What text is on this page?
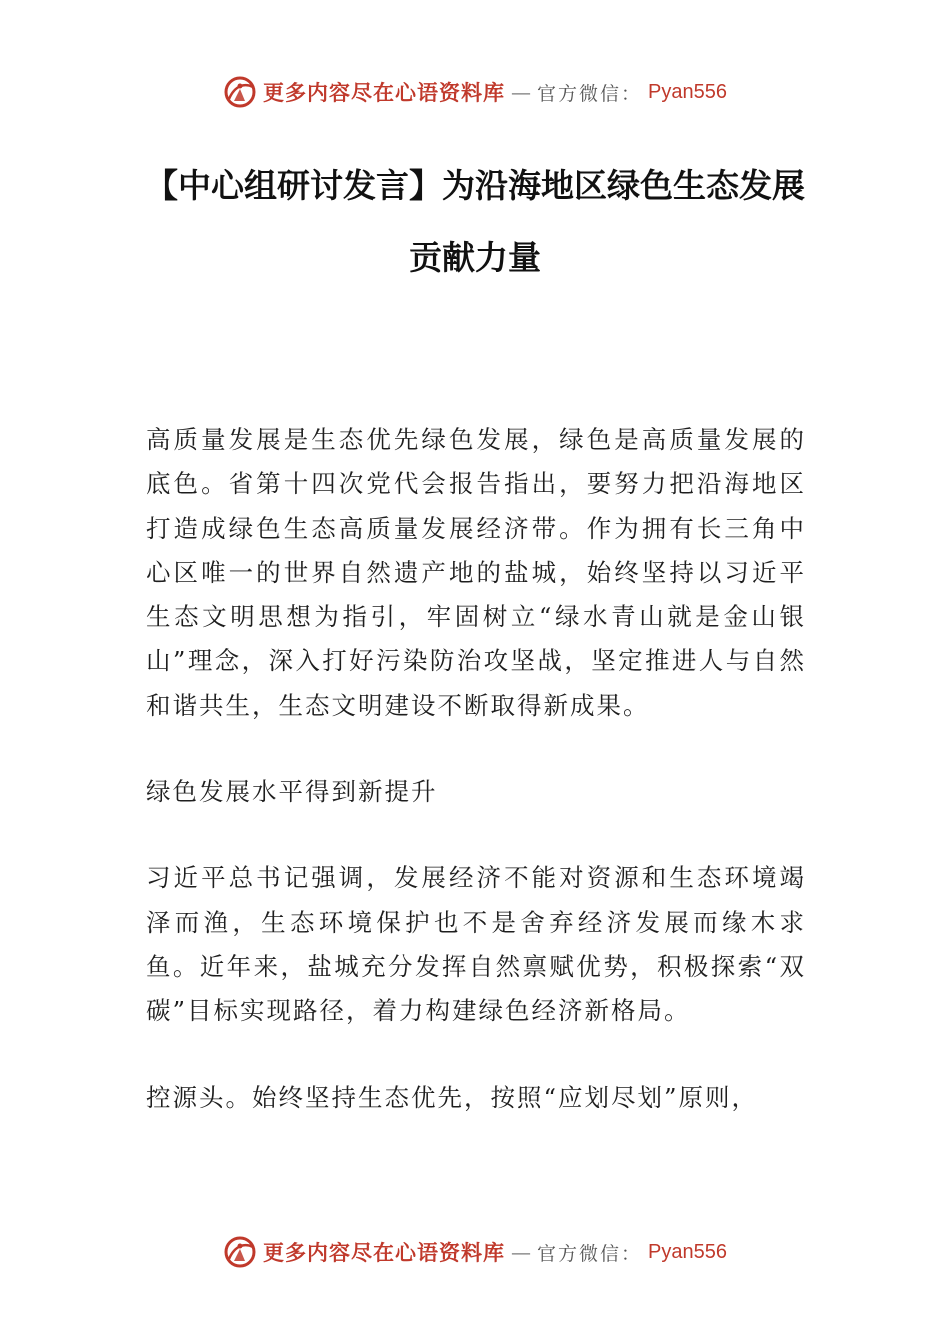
更多内容尽在心语资料库 — 官方微信： Pyan556
【中心组研讨发言】为沿海地区绿色生态发展贡献力量

高质量发展是生态优先绿色发展，绿色是高质量发展的底色。省第十四次党代会报告指出，要努力把沿海地区打造成绿色生态高质量发展经济带。作为拥有长三角中心区唯一的世界自然遗产地的盐城，始终坚持以习近平生态文明思想为指引，牢固树立“绿水青山就是金山银山”理念，深入打好污染防治攻坚战，坚定推进人与自然和谐共生，生态文明建设不断取得新成果。

绿色发展水平得到新提升

习近平总书记强调，发展经济不能对资源和生态环境竭泽而渔，生态环境保护也不是舍弃经济发展而缘木求鱼。近年来，盐城充分发挥自然禀赋优势，积极探索“双碳”目标实现路径，着力构建绿色经济新格局。

控源头。始终坚持生态优先，按照“应划尽划”原则，

更多内容尽在心语资料库 — 官方微信： Pyan556
